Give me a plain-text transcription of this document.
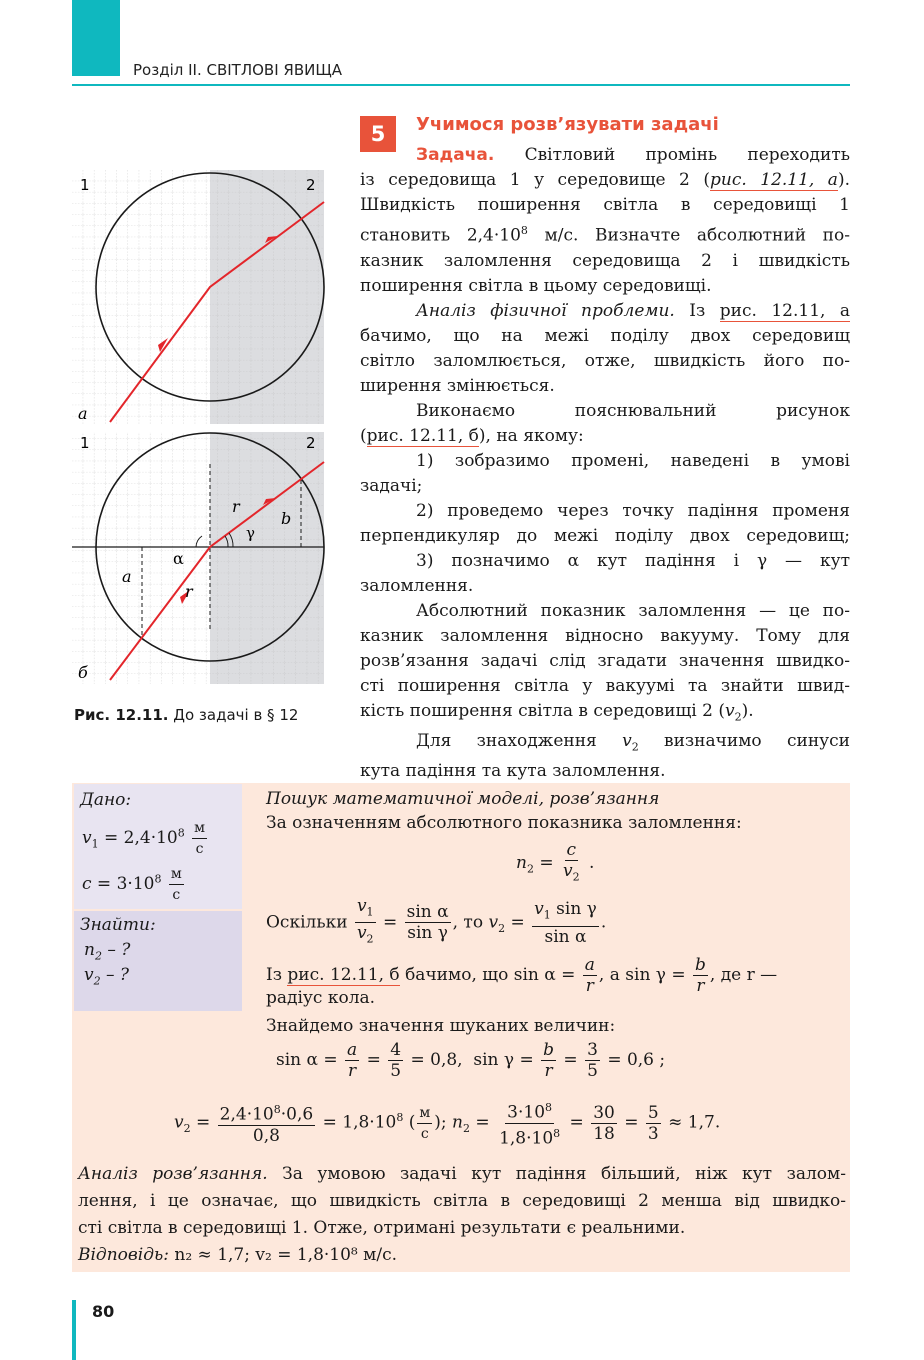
Розділ ІІ. СВІТЛОВІ ЯВИЩА
1	2
а
1	2
б
r
r
b
a
α
γ
Рис. 12.11. До задачі в § 12
5	Учимося розв’язувати задачі
Задача. Світловий промінь переходить
із середовища 1 у середовище 2 (рис. 12.11, а).
Швидкість поширення світла в середовищі 1
становить $2,4\cdot 10^8$ м/с. Визначте абсолютний по-
казник заломлення середовища 2 і швидкість
поширення світла в цьому середовищі.
Аналіз фізичної проблеми. Із рис. 12.11, а
бачимо, що на межі поділу двох середовищ
світло заломлюється, отже, швидкість його по-
ширення змінюється.
Виконаємо пояснювальний рисунок
(рис. 12.11, б), на якому:
1) зобразимо промені, наведені в умові
задачі;
2) проведемо через точку падіння променя
перпендикуляр до межі поділу двох середовищ;
3) позначимо α кут падіння і γ — кут
заломлення.
Абсолютний показник заломлення — це по-
казник заломлення відносно вакууму. Тому для
розв’язання задачі слід згадати значення швидко-
сті поширення світла у вакуумі та знайти швид-
кість поширення світла в середовищі 2 $(v_2)$.
Для знаходження $v_2$ визначимо синуси
кута падіння та кута заломлення.
Дано:
$v_1 = 2,4\cdot 10^8 \frac{м}{с}$
$c = 3\cdot 10^8 \frac{м}{с}$
Знайти:
$n_2$ – ?
$v_2$ – ?
Пошук математичної моделі, розв’язання
За означенням абсолютного показника заломлення:
$n_2 = \frac{c}{v_2}$ .
Оскільки $\frac{v_1}{v_2} = \frac{\text{sin α}}{\text{sin γ}}$ , то $v_2 = \frac{v_1 \sin \gamma}{\text{sin α}}$ .
Із рис. 12.11, б бачимо, що $\sin \alpha = \frac{a}{r}$ , а $\sin \gamma = \frac{b}{r}$ , де r —
радіус кола.
Знайдемо значення шуканих величин:
$\sin \alpha = \frac{a}{r} = \frac{4}{5} = 0,8$,  $\sin \gamma = \frac{b}{r} = \frac{3}{5} = 0,6$ ;
$v_2 = \frac{2,4\cdot 10^8\cdot 0,6}{0,8} = 1,8\cdot 10^8$ ( $\frac{м}{с}$ ); $n_2 = \frac{3\cdot 10^8}{1,8\cdot 10^8} = \frac{30}{18} = \frac{5}{3} \approx 1,7$.
Аналіз розв’язання. За умовою задачі кут падіння більший, ніж кут залом-
лення, і це означає, що швидкість світла в середовищі 2 менша від швидко-
сті світла в середовищі 1. Отже, отримані результати є реальними.
Відповідь: n₂ ≈ 1,7; v₂ = 1,8·10⁸ м/с.
80
